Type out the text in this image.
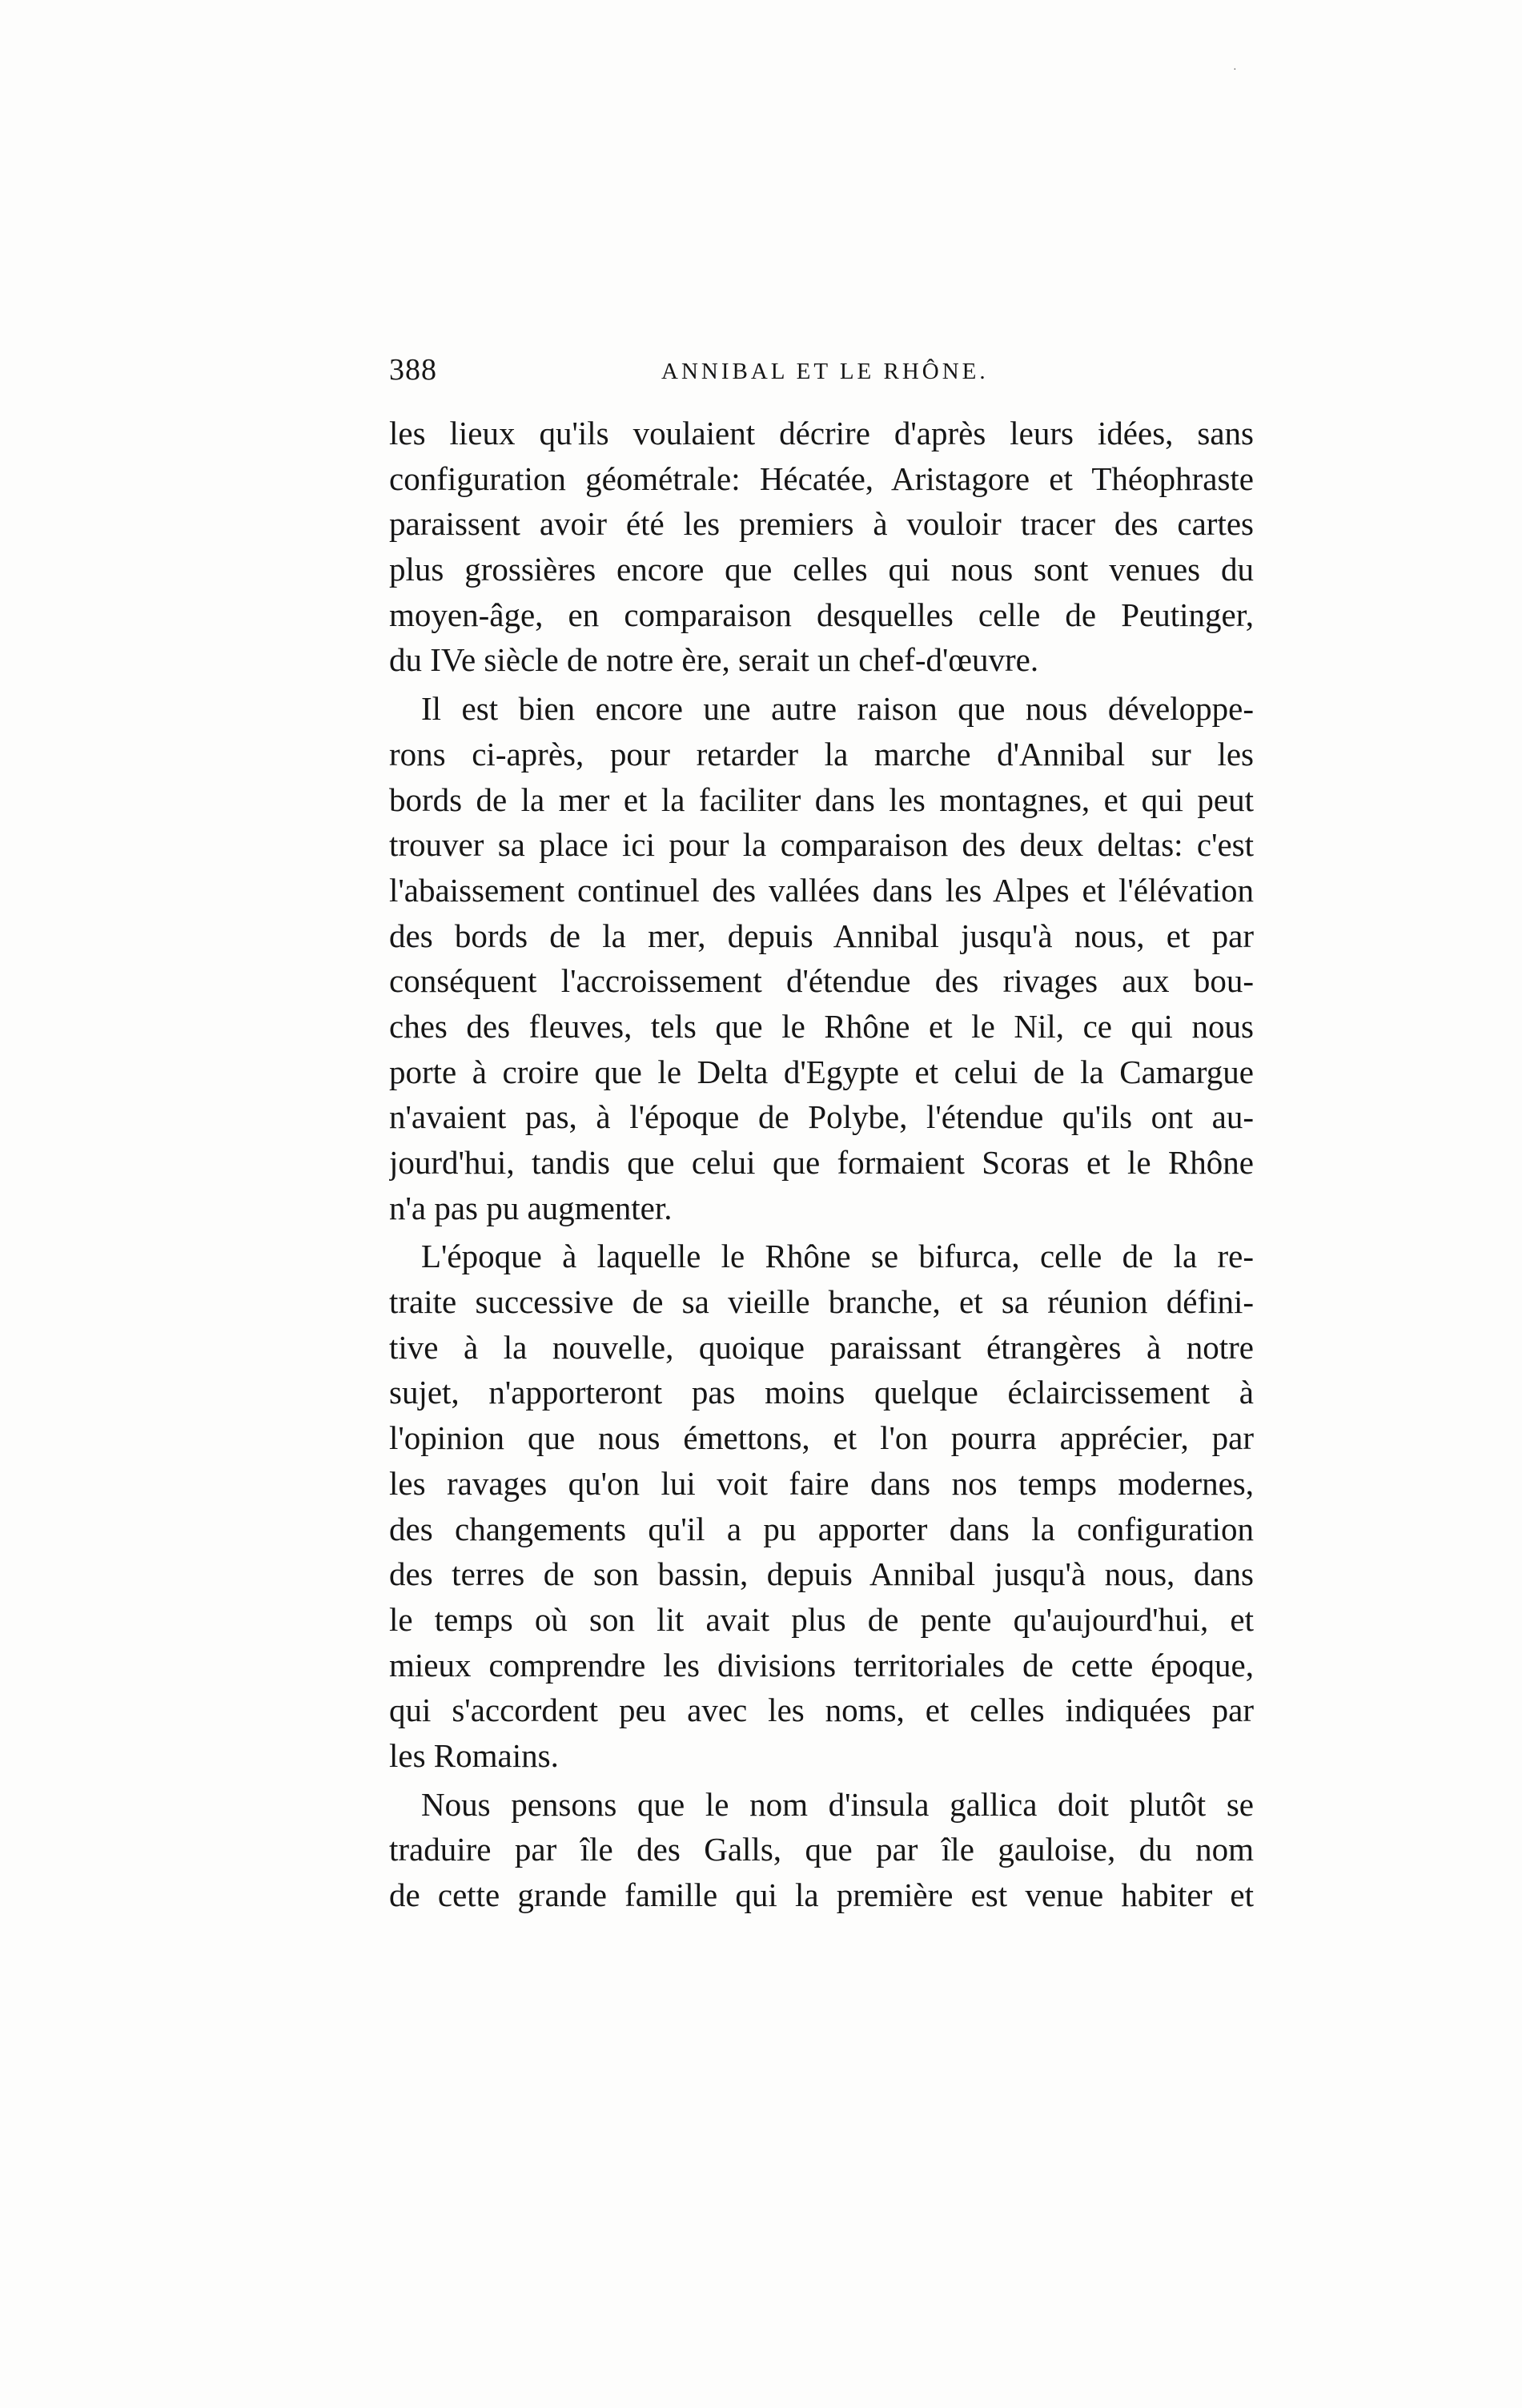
·
388	ANNIBAL ET LE RHÔNE.
les lieux qu'ils voulaient décrire d'après leurs idées, sans
configuration géométrale: Hécatée, Aristagore et Théophraste
paraissent avoir été les premiers à vouloir tracer des cartes
plus grossières encore que celles qui nous sont venues du
moyen-âge, en comparaison desquelles celle de Peutinger,
du IVe siècle de notre ère, serait un chef-d'œuvre.
Il est bien encore une autre raison que nous développe-
rons ci-après, pour retarder la marche d'Annibal sur les
bords de la mer et la faciliter dans les montagnes, et qui peut
trouver sa place ici pour la comparaison des deux deltas: c'est
l'abaissement continuel des vallées dans les Alpes et l'élévation
des bords de la mer, depuis Annibal jusqu'à nous, et par
conséquent l'accroissement d'étendue des rivages aux bou-
ches des fleuves, tels que le Rhône et le Nil, ce qui nous
porte à croire que le Delta d'Egypte et celui de la Camargue
n'avaient pas, à l'époque de Polybe, l'étendue qu'ils ont au-
jourd'hui, tandis que celui que formaient Scoras et le Rhône
n'a pas pu augmenter.
L'époque à laquelle le Rhône se bifurca, celle de la re-
traite successive de sa vieille branche, et sa réunion défini-
tive à la nouvelle, quoique paraissant étrangères à notre
sujet, n'apporteront pas moins quelque éclaircissement à
l'opinion que nous émettons, et l'on pourra apprécier, par
les ravages qu'on lui voit faire dans nos temps modernes,
des changements qu'il a pu apporter dans la configuration
des terres de son bassin, depuis Annibal jusqu'à nous, dans
le temps où son lit avait plus de pente qu'aujourd'hui, et
mieux comprendre les divisions territoriales de cette époque,
qui s'accordent peu avec les noms, et celles indiquées par
les Romains.
Nous pensons que le nom d'insula gallica doit plutôt se
traduire par île des Galls, que par île gauloise, du nom
de cette grande famille qui la première est venue habiter et
